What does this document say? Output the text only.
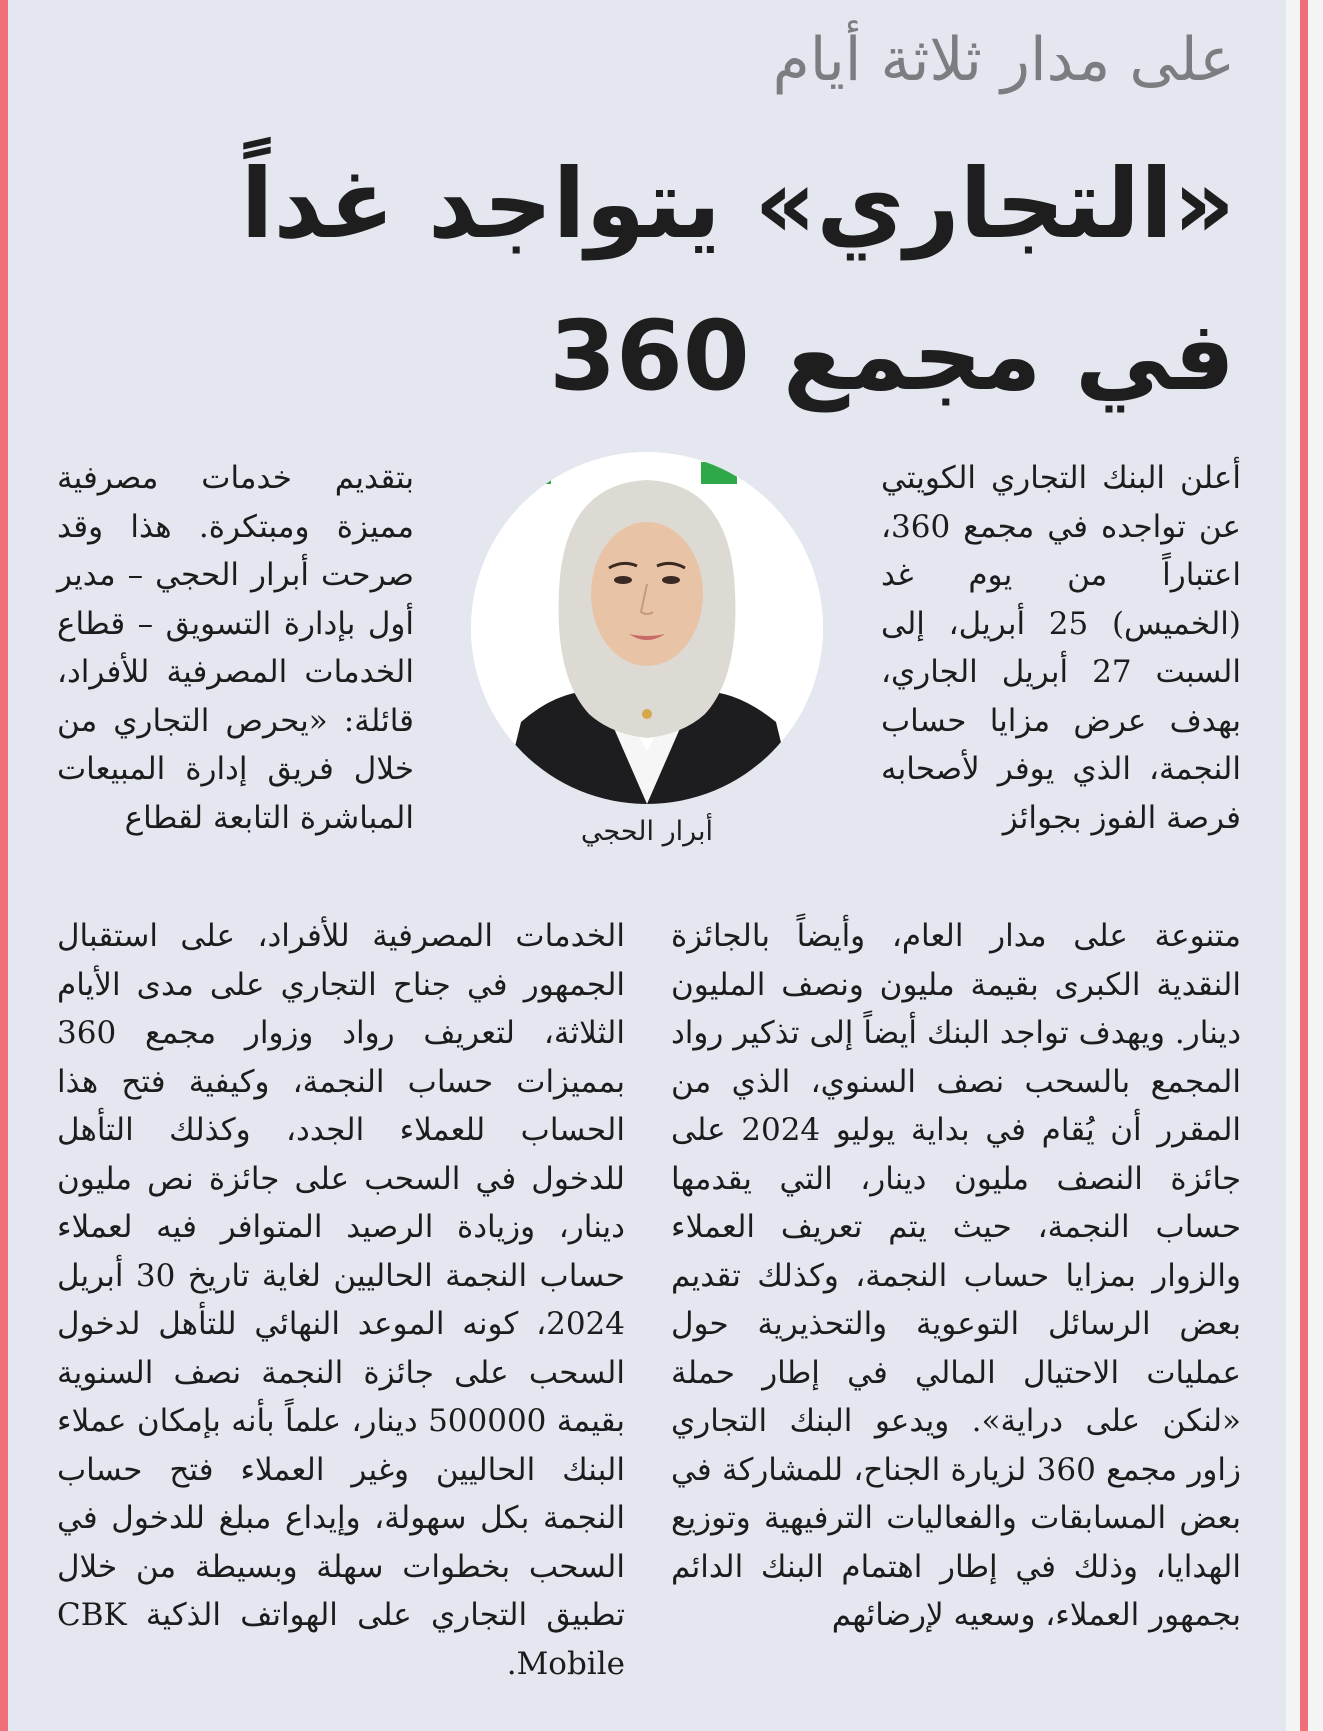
على مدار ثلاثة أيام
«التجاري» يتواجد غداً في مجمع 360

أعلن البنك التجاري الكويتي عن تواجده في مجمع 360، اعتباراً من يوم غد (الخميس) 25 أبريل، إلى السبت 27 أبريل الجاري، بهدف عرض مزايا حساب النجمة، الذي يوفر لأصحابه فرصة الفوز بجوائز

بتقديم خدمات مصرفية مميزة ومبتكرة. هذا وقد صرحت أبرار الحجي – مدير أول بإدارة التسويق – قطاع الخدمات المصرفية للأفراد، قائلة: «يحرص التجاري من خلال فريق إدارة المبيعات المباشرة التابعة لقطاع	أبرار الحجي

متنوعة على مدار العام، وأيضاً بالجائزة النقدية الكبرى بقيمة مليون ونصف المليون دينار. ويهدف تواجد البنك أيضاً إلى تذكير رواد المجمع بالسحب نصف السنوي، الذي من المقرر أن يُقام في بداية يوليو 2024 على جائزة النصف مليون دينار، التي يقدمها حساب النجمة، حيث يتم تعريف العملاء والزوار بمزايا حساب النجمة، وكذلك تقديم بعض الرسائل التوعوية والتحذيرية حول عمليات الاحتيال المالي في إطار حملة «لنكن على دراية». ويدعو البنك التجاري زاور مجمع 360 لزيارة الجناح، للمشاركة في بعض المسابقات والفعاليات الترفيهية وتوزيع الهدايا، وذلك في إطار اهتمام البنك الدائم بجمهور العملاء، وسعيه لإرضائهم

الخدمات المصرفية للأفراد، على استقبال الجمهور في جناح التجاري على مدى الأيام الثلاثة، لتعريف رواد وزوار مجمع 360 بمميزات حساب النجمة، وكيفية فتح هذا الحساب للعملاء الجدد، وكذلك التأهل للدخول في السحب على جائزة نص مليون دينار، وزيادة الرصيد المتوافر فيه لعملاء حساب النجمة الحاليين لغاية تاريخ 30 أبريل 2024، كونه الموعد النهائي للتأهل لدخول السحب على جائزة النجمة نصف السنوية بقيمة 500000 دينار، علماً بأنه بإمكان عملاء البنك الحاليين وغير العملاء فتح حساب النجمة بكل سهولة، وإيداع مبلغ للدخول في السحب بخطوات سهلة وبسيطة من خلال تطبيق التجاري على الهواتف الذكية CBK Mobile.
